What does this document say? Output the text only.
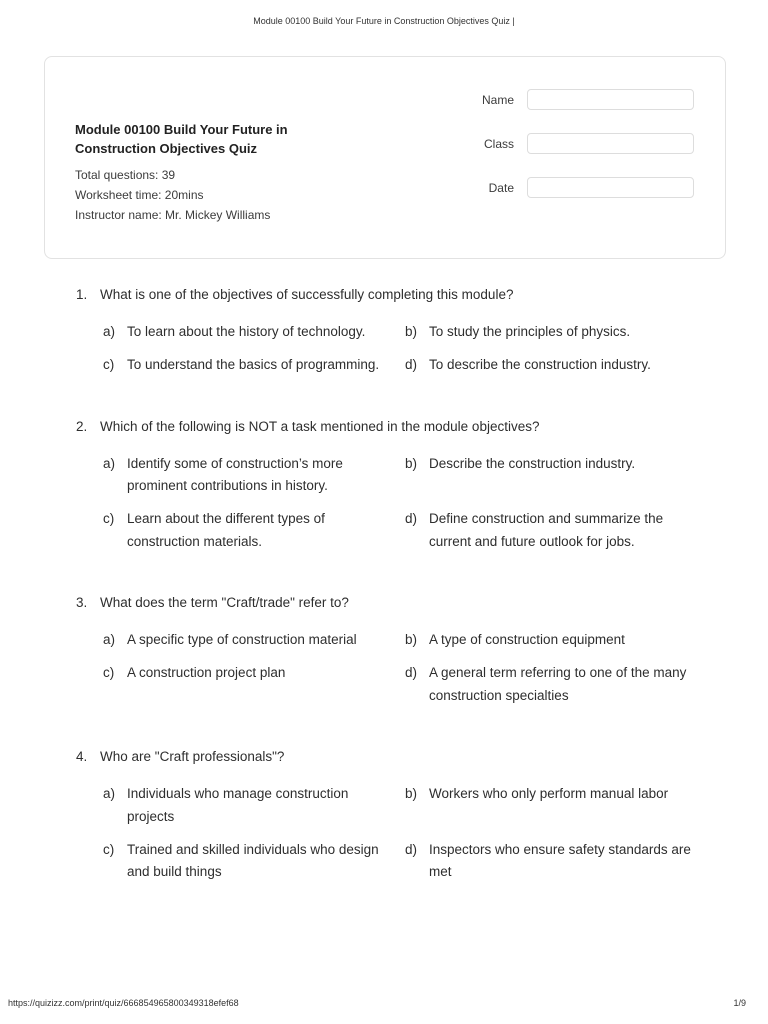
Module 00100 Build Your Future in Construction Objectives Quiz |
Module 00100 Build Your Future in
Construction Objectives Quiz
Total questions: 39
Worksheet time: 20mins
Instructor name: Mr. Mickey Williams
Name
Class
Date
1. What is one of the objectives of successfully completing this module?
a) To learn about the history of technology.	b) To study the principles of physics.
c) To understand the basics of programming.	d) To describe the construction industry.
2. Which of the following is NOT a task mentioned in the module objectives?
a) Identify some of construction’s more prominent contributions in history.
b) Describe the construction industry.
c) Learn about the different types of construction materials.
d) Define construction and summarize the current and future outlook for jobs.
3. What does the term "Craft/trade" refer to?
a) A specific type of construction material	b) A type of construction equipment
c) A construction project plan	d) A general term referring to one of the many construction specialties
4. Who are "Craft professionals"?
a) Individuals who manage construction projects
b) Workers who only perform manual labor
c) Trained and skilled individuals who design and build things
d) Inspectors who ensure safety standards are met
https://quizizz.com/print/quiz/666854965800349318efef68	1/9
